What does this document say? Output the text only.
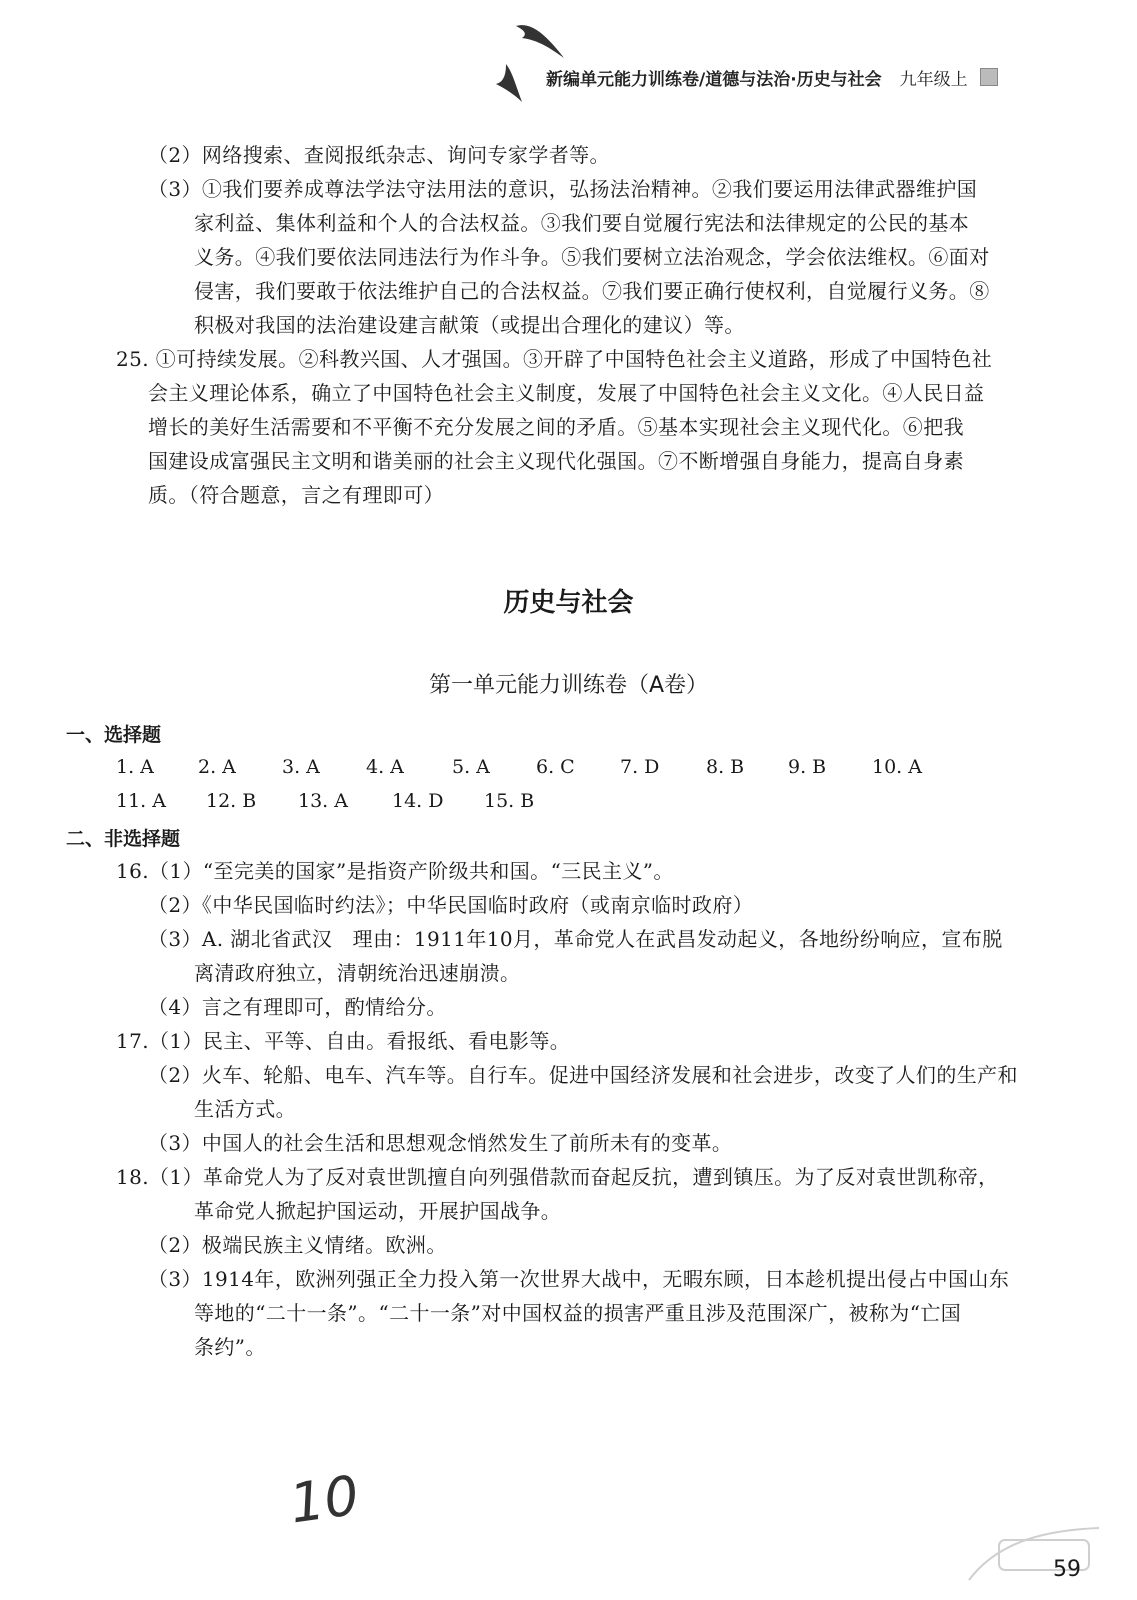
新编单元能力训练卷/道德与法治·历史与社会 九年级上
（2）网络搜索、查阅报纸杂志、询问专家学者等。
（3）①我们要养成尊法学法守法用法的意识，弘扬法治精神。②我们要运用法律武器维护国
家利益、集体利益和个人的合法权益。③我们要自觉履行宪法和法律规定的公民的基本
义务。④我们要依法同违法行为作斗争。⑤我们要树立法治观念，学会依法维权。⑥面对
侵害，我们要敢于依法维护自己的合法权益。⑦我们要正确行使权利，自觉履行义务。⑧
积极对我国的法治建设建言献策（或提出合理化的建议）等。
25. ①可持续发展。②科教兴国、人才强国。③开辟了中国特色社会主义道路，形成了中国特色社
会主义理论体系，确立了中国特色社会主义制度，发展了中国特色社会主义文化。④人民日益
增长的美好生活需要和不平衡不充分发展之间的矛盾。⑤基本实现社会主义现代化。⑥把我
国建设成富强民主文明和谐美丽的社会主义现代化强国。⑦不断增强自身能力，提高自身素
质。（符合题意，言之有理即可）
历史与社会
第一单元能力训练卷（A卷）
一、选择题
1. A 2. A 3. A 4. A	5. A 6. C 7. D 8. B 9. B 10. A
11. A 12. B 13. A 14. D 15. B
二、非选择题
16.（1）“至完美的国家”是指资产阶级共和国。“三民主义”。
（2）《中华民国临时约法》；中华民国临时政府（或南京临时政府）
（3）A. 湖北省武汉　理由：1911年10月，革命党人在武昌发动起义，各地纷纷响应，宣布脱
离清政府独立，清朝统治迅速崩溃。
（4）言之有理即可，酌情给分。
17.（1）民主、平等、自由。看报纸、看电影等。
（2）火车、轮船、电车、汽车等。自行车。促进中国经济发展和社会进步，改变了人们的生产和
生活方式。
（3）中国人的社会生活和思想观念悄然发生了前所未有的变革。
18.（1）革命党人为了反对袁世凯擅自向列强借款而奋起反抗，遭到镇压。为了反对袁世凯称帝，
革命党人掀起护国运动，开展护国战争。
（2）极端民族主义情绪。欧洲。
（3）1914年，欧洲列强正全力投入第一次世界大战中，无暇东顾，日本趁机提出侵占中国山东
等地的“二十一条”。“二十一条”对中国权益的损害严重且涉及范围深广，被称为“亡国
条约”。
10
59
